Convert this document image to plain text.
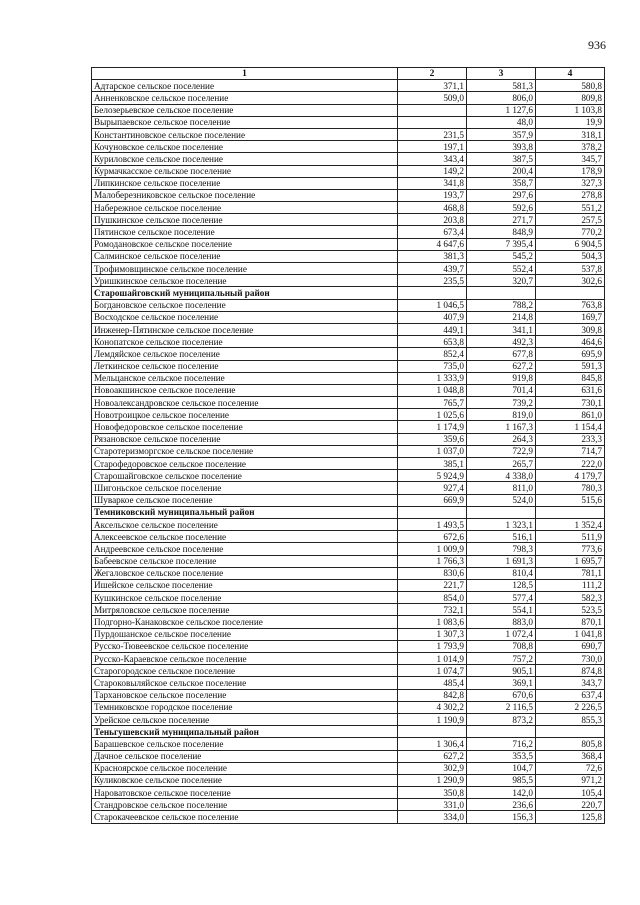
936
1	2	3	4
Адтарское сельское поселение	371,1	581,3	580,8
Анненковское сельское поселение	509,0	806,0	809,8
Белозерьевское сельское поселение		1 127,6	1 103,8
Вырыпаевское сельское поселение		48,0	19,9
Константиновское сельское поселение	231,5	357,9	318,1
Кочуновское сельское поселение	197,1	393,8	378,2
Куриловское сельское поселение	343,4	387,5	345,7
Курмачкасское сельское поселение	149,2	200,4	178,9
Липкинское сельское поселение	341,8	358,7	327,3
Малоберезниковское сельское поселение	193,7	297,6	278,8
Набережное сельское поселение	468,8	592,6	551,2
Пушкинское сельское поселение	203,8	271,7	257,5
Пятинское сельское поселение	673,4	848,9	770,2
Ромодановское сельское поселение	4 647,6	7 395,4	6 904,5
Салминское сельское поселение	381,3	545,2	504,3
Трофимовщинское сельское поселение	439,7	552,4	537,8
Уришкинское сельское поселение	235,5	320,7	302,6
Старошайговский муниципальный район			
Богдановское сельское поселение	1 046,5	788,2	763,8
Восходское сельское поселение	407,9	214,8	169,7
Инженер-Пятинское сельское поселение	449,1	341,1	309,8
Конопатское сельское поселение	653,8	492,3	464,6
Лемдяйское сельское поселение	852,4	677,8	695,9
Леткинское сельское поселение	735,0	627,2	591,3
Мельцанское сельское поселение	1 333,9	919,8	845,8
Новоакшинское сельское поселение	1 048,8	701,4	631,6
Новоалександровское сельское поселение	765,7	739,2	730,1
Новотроицкое сельское поселение	1 025,6	819,0	861,0
Новофедоровское сельское поселение	1 174,9	1 167,3	1 154,4
Рязановское сельское поселение	359,6	264,3	233,3
Старотеризморгское сельское поселение	1 037,0	722,9	714,7
Старофедоровское сельское поселение	385,1	265,7	222,0
Старошайговское сельское поселение	5 924,9	4 338,0	4 179,7
Шигоньское сельское поселение	927,4	811,0	780,3
Шуваркое сельское поселение	669,9	524,0	515,6
Темниковский муниципальный район			
Аксельское сельское поселение	1 493,5	1 323,1	1 352,4
Алексеевское сельское поселение	672,6	516,1	511,9
Андреевское сельское поселение	1 009,9	798,3	773,6
Бабеевское сельское поселение	1 766,3	1 691,3	1 695,7
Жегаловское сельское поселение	830,6	810,4	781,1
Ишейское сельское поселение	221,7	128,5	111,2
Кушкинское сельское поселение	854,0	577,4	582,3
Митряловское сельское поселение	732,1	554,1	523,5
Подгорно-Канаковское сельское поселение	1 083,6	883,0	870,1
Пурдошанское сельское поселение	1 307,3	1 072,4	1 041,8
Русско-Тювеевское сельское поселение	1 793,9	708,8	690,7
Русско-Караевское сельское поселение	1 014,9	757,2	730,0
Старогородское сельское поселение	1 074,7	905,1	874,8
Староковыляйское сельское поселение	485,4	369,1	343,7
Тархановское сельское поселение	842,8	670,6	637,4
Темниковское городское поселение	4 302,2	2 116,5	2 226,5
Урейское сельское поселение	1 190,9	873,2	855,3
Теньгушевский муниципальный район			
Барашевское сельское поселение	1 306,4	716,2	805,8
Дачное сельское поселение	627,2	353,5	368,4
Красноярское сельское поселение	302,9	104,7	72,6
Куликовское сельское поселение	1 290,9	985,5	971,2
Нароватовское сельское поселение	350,8	142,0	105,4
Стандровское сельское поселение	331,0	236,6	220,7
Старокачеевское сельское поселение	334,0	156,3	125,8
